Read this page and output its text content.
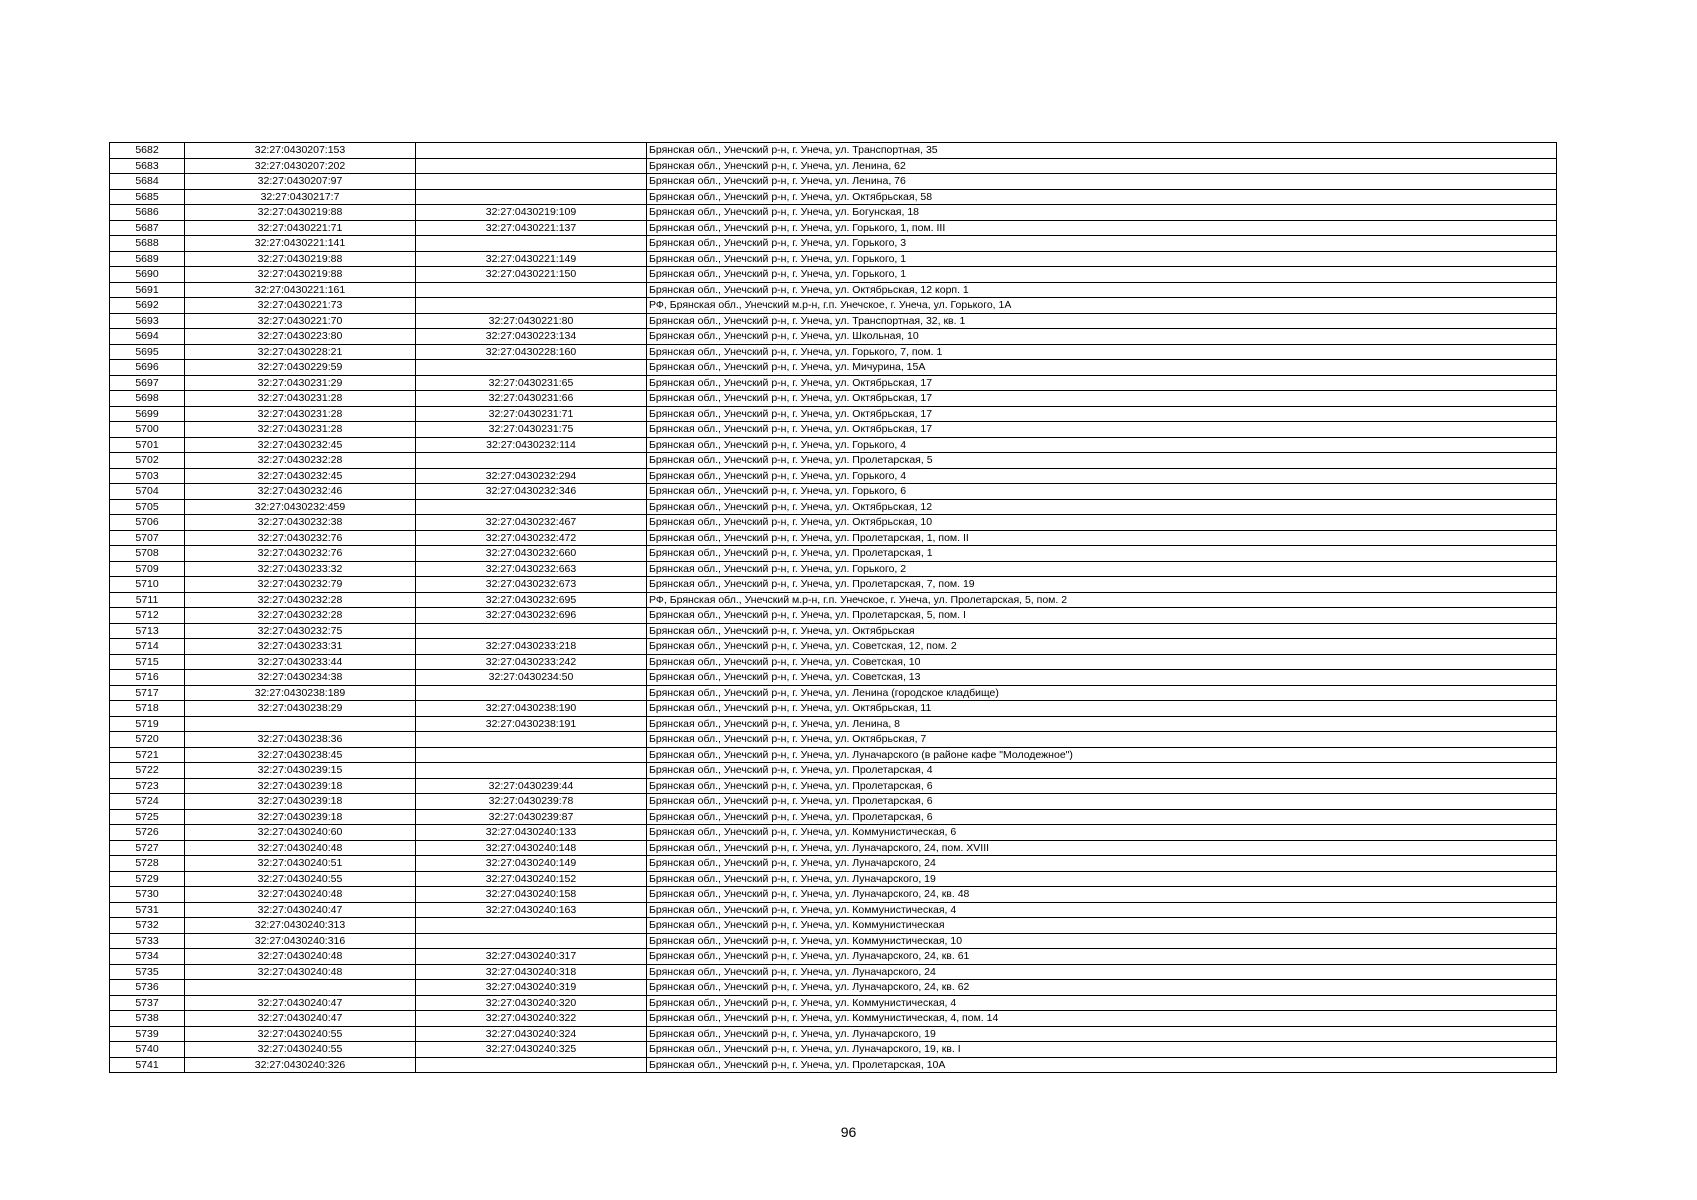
5682	32:27:0430207:153		Брянская обл., Унечский р-н, г. Унеча, ул. Транспортная, 35
5683	32:27:0430207:202		Брянская обл., Унечский р-н, г. Унеча, ул. Ленина, 62
5684	32:27:0430207:97		Брянская обл., Унечский р-н, г. Унеча, ул. Ленина, 76
5685	32:27:0430217:7		Брянская обл., Унечский р-н, г. Унеча, ул. Октябрьская, 58
5686	32:27:0430219:88	32:27:0430219:109	Брянская обл., Унечский р-н, г. Унеча, ул. Богунская, 18
5687	32:27:0430221:71	32:27:0430221:137	Брянская обл., Унечский р-н, г. Унеча, ул. Горького, 1, пом. III
5688	32:27:0430221:141		Брянская обл., Унечский р-н, г. Унеча, ул. Горького, 3
5689	32:27:0430219:88	32:27:0430221:149	Брянская обл., Унечский р-н, г. Унеча, ул. Горького, 1
5690	32:27:0430219:88	32:27:0430221:150	Брянская обл., Унечский р-н, г. Унеча, ул. Горького, 1
5691	32:27:0430221:161		Брянская обл., Унечский р-н, г. Унеча, ул. Октябрьская, 12 корп. 1
5692	32:27:0430221:73		РФ, Брянская обл., Унечский м.р-н, г.п. Унечское, г. Унеча, ул. Горького, 1А
5693	32:27:0430221:70	32:27:0430221:80	Брянская обл., Унечский р-н, г. Унеча, ул. Транспортная, 32, кв. 1
5694	32:27:0430223:80	32:27:0430223:134	Брянская обл., Унечский р-н, г. Унеча, ул. Школьная, 10
5695	32:27:0430228:21	32:27:0430228:160	Брянская обл., Унечский р-н, г. Унеча, ул. Горького, 7, пом. 1
5696	32:27:0430229:59		Брянская обл., Унечский р-н, г. Унеча, ул. Мичурина, 15А
5697	32:27:0430231:29	32:27:0430231:65	Брянская обл., Унечский р-н, г. Унеча, ул. Октябрьская, 17
5698	32:27:0430231:28	32:27:0430231:66	Брянская обл., Унечский р-н, г. Унеча, ул. Октябрьская, 17
5699	32:27:0430231:28	32:27:0430231:71	Брянская обл., Унечский р-н, г. Унеча, ул. Октябрьская, 17
5700	32:27:0430231:28	32:27:0430231:75	Брянская обл., Унечский р-н, г. Унеча, ул. Октябрьская, 17
5701	32:27:0430232:45	32:27:0430232:114	Брянская обл., Унечский р-н, г. Унеча, ул. Горького, 4
5702	32:27:0430232:28		Брянская обл., Унечский р-н, г. Унеча, ул. Пролетарская, 5
5703	32:27:0430232:45	32:27:0430232:294	Брянская обл., Унечский р-н, г. Унеча, ул. Горького, 4
5704	32:27:0430232:46	32:27:0430232:346	Брянская обл., Унечский р-н, г. Унеча, ул. Горького, 6
5705	32:27:0430232:459		Брянская обл., Унечский р-н, г. Унеча, ул. Октябрьская, 12
5706	32:27:0430232:38	32:27:0430232:467	Брянская обл., Унечский р-н, г. Унеча, ул. Октябрьская, 10
5707	32:27:0430232:76	32:27:0430232:472	Брянская обл., Унечский р-н, г. Унеча, ул. Пролетарская, 1, пом. II
5708	32:27:0430232:76	32:27:0430232:660	Брянская обл., Унечский р-н, г. Унеча, ул. Пролетарская, 1
5709	32:27:0430233:32	32:27:0430232:663	Брянская обл., Унечский р-н, г. Унеча, ул. Горького, 2
5710	32:27:0430232:79	32:27:0430232:673	Брянская обл., Унечский р-н, г. Унеча, ул. Пролетарская, 7, пом. 19
5711	32:27:0430232:28	32:27:0430232:695	РФ, Брянская обл., Унечский м.р-н, г.п. Унечское, г. Унеча, ул. Пролетарская, 5, пом. 2
5712	32:27:0430232:28	32:27:0430232:696	Брянская обл., Унечский р-н, г. Унеча, ул. Пролетарская, 5, пом. I
5713	32:27:0430232:75		Брянская обл., Унечский р-н, г. Унеча, ул. Октябрьская
5714	32:27:0430233:31	32:27:0430233:218	Брянская обл., Унечский р-н, г. Унеча, ул. Советская, 12, пом. 2
5715	32:27:0430233:44	32:27:0430233:242	Брянская обл., Унечский р-н, г. Унеча, ул. Советская, 10
5716	32:27:0430234:38	32:27:0430234:50	Брянская обл., Унечский р-н, г. Унеча, ул. Советская, 13
5717	32:27:0430238:189		Брянская обл., Унечский р-н, г. Унеча, ул. Ленина (городское кладбище)
5718	32:27:0430238:29	32:27:0430238:190	Брянская обл., Унечский р-н, г. Унеча, ул. Октябрьская, 11
5719		32:27:0430238:191	Брянская обл., Унечский р-н, г. Унеча, ул. Ленина, 8
5720	32:27:0430238:36		Брянская обл., Унечский р-н, г. Унеча, ул. Октябрьская, 7
5721	32:27:0430238:45		Брянская обл., Унечский р-н, г. Унеча, ул. Луначарского (в районе кафе "Молодежное")
5722	32:27:0430239:15		Брянская обл., Унечский р-н, г. Унеча, ул. Пролетарская, 4
5723	32:27:0430239:18	32:27:0430239:44	Брянская обл., Унечский р-н, г. Унеча, ул. Пролетарская, 6
5724	32:27:0430239:18	32:27:0430239:78	Брянская обл., Унечский р-н, г. Унеча, ул. Пролетарская, 6
5725	32:27:0430239:18	32:27:0430239:87	Брянская обл., Унечский р-н, г. Унеча, ул. Пролетарская, 6
5726	32:27:0430240:60	32:27:0430240:133	Брянская обл., Унечский р-н, г. Унеча, ул. Коммунистическая, 6
5727	32:27:0430240:48	32:27:0430240:148	Брянская обл., Унечский р-н, г. Унеча, ул. Луначарского, 24, пом. XVIII
5728	32:27:0430240:51	32:27:0430240:149	Брянская обл., Унечский р-н, г. Унеча, ул. Луначарского, 24
5729	32:27:0430240:55	32:27:0430240:152	Брянская обл., Унечский р-н, г. Унеча, ул. Луначарского, 19
5730	32:27:0430240:48	32:27:0430240:158	Брянская обл., Унечский р-н, г. Унеча, ул. Луначарского, 24, кв. 48
5731	32:27:0430240:47	32:27:0430240:163	Брянская обл., Унечский р-н, г. Унеча, ул. Коммунистическая, 4
5732	32:27:0430240:313		Брянская обл., Унечский р-н, г. Унеча, ул. Коммунистическая
5733	32:27:0430240:316		Брянская обл., Унечский р-н, г. Унеча, ул. Коммунистическая, 10
5734	32:27:0430240:48	32:27:0430240:317	Брянская обл., Унечский р-н, г. Унеча, ул. Луначарского, 24, кв. 61
5735	32:27:0430240:48	32:27:0430240:318	Брянская обл., Унечский р-н, г. Унеча, ул. Луначарского, 24
5736		32:27:0430240:319	Брянская обл., Унечский р-н, г. Унеча, ул. Луначарского, 24, кв. 62
5737	32:27:0430240:47	32:27:0430240:320	Брянская обл., Унечский р-н, г. Унеча, ул. Коммунистическая, 4
5738	32:27:0430240:47	32:27:0430240:322	Брянская обл., Унечский р-н, г. Унеча, ул. Коммунистическая, 4, пом. 14
5739	32:27:0430240:55	32:27:0430240:324	Брянская обл., Унечский р-н, г. Унеча, ул. Луначарского, 19
5740	32:27:0430240:55	32:27:0430240:325	Брянская обл., Унечский р-н, г. Унеча, ул. Луначарского, 19, кв. I
5741	32:27:0430240:326		Брянская обл., Унечский р-н, г. Унеча, ул. Пролетарская, 10А
96
